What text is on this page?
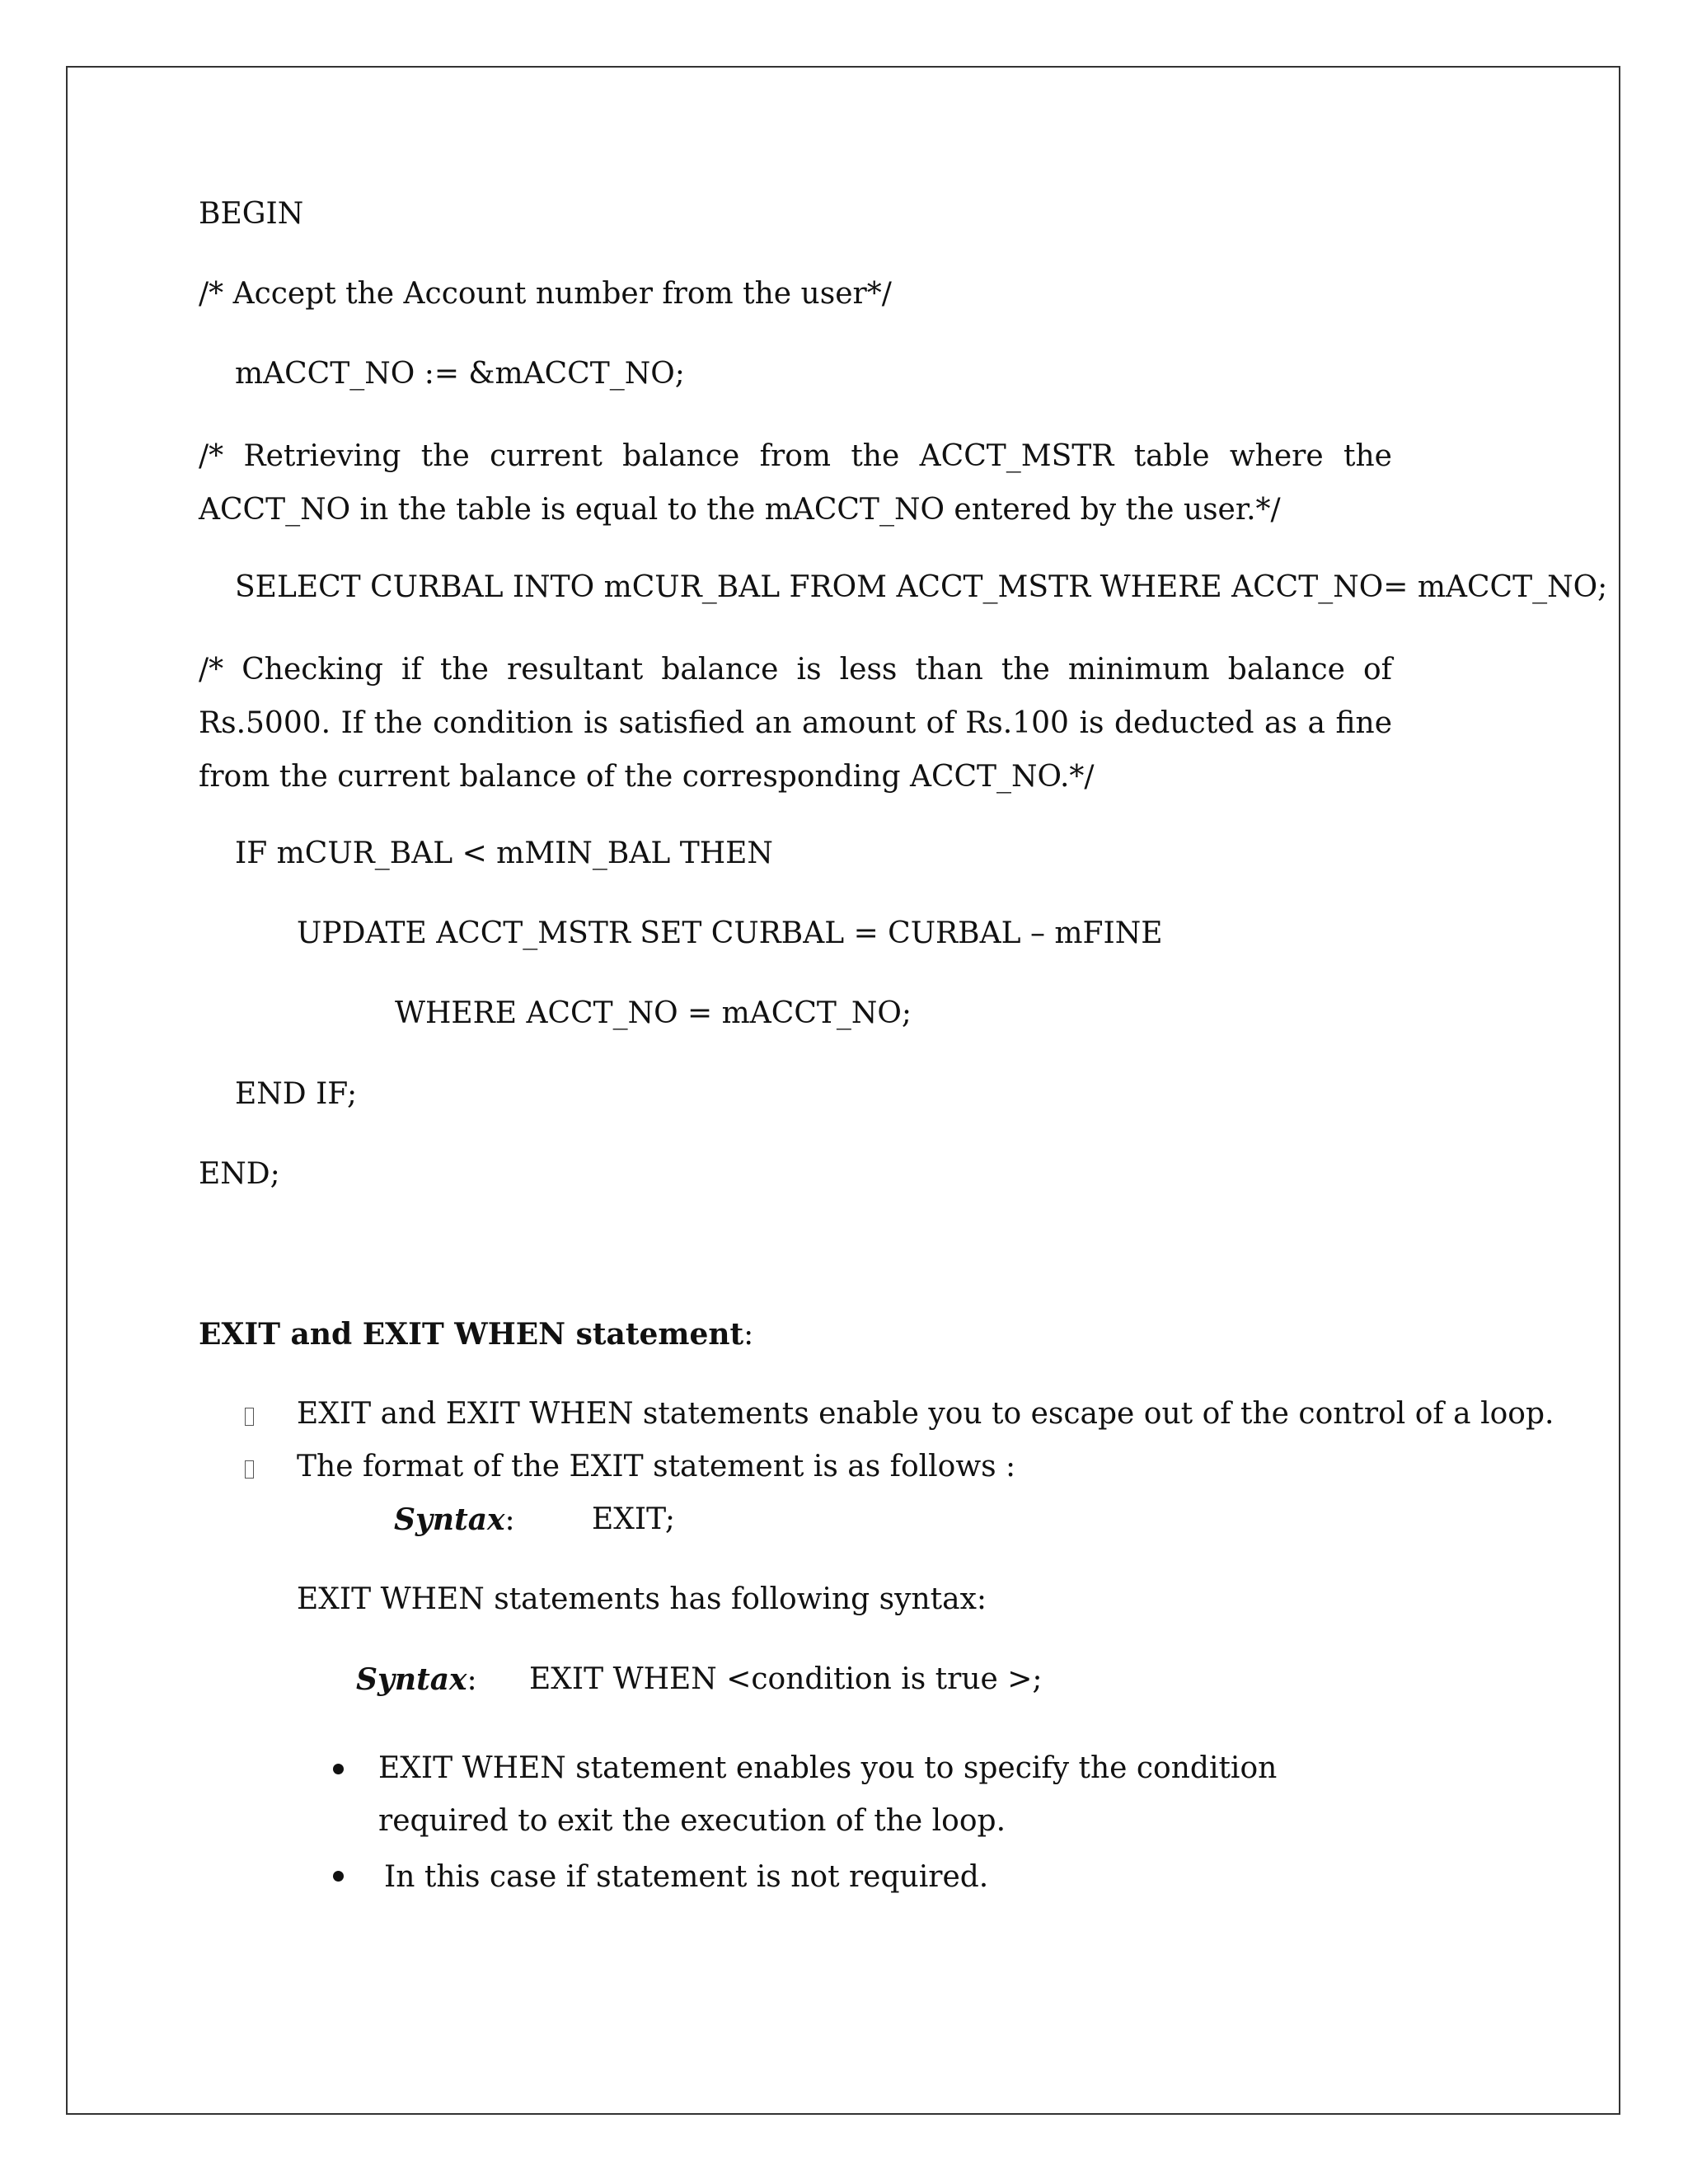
BEGIN
/* Accept the Account number from the user*/
mACCT_NO := &mACCT_NO;
/* Retrieving the current balance from the ACCT_MSTR table where the ACCT_NO in the table is equal to the mACCT_NO entered by the user.*/
SELECT CURBAL INTO mCUR_BAL FROM ACCT_MSTR WHERE ACCT_NO= mACCT_NO;
/* Checking if the resultant balance is less than the minimum balance of Rs.5000. If the condition is satisfied an amount of Rs.100 is deducted as a fine from the current balance of the corresponding ACCT_NO.*/
IF mCUR_BAL < mMIN_BAL THEN
UPDATE ACCT_MSTR SET CURBAL = CURBAL – mFINE
WHERE ACCT_NO = mACCT_NO;
END IF;
END;
EXIT and EXIT WHEN statement:
EXIT and EXIT WHEN statements enable you to escape out of the control of a loop.
The format of the EXIT statement is as follows :
Syntax:	EXIT;
EXIT WHEN statements has following syntax:
Syntax: EXIT WHEN <condition is true >;
EXIT WHEN statement enables you to specify the condition required to exit the execution of the loop.
In this case if statement is not required.
